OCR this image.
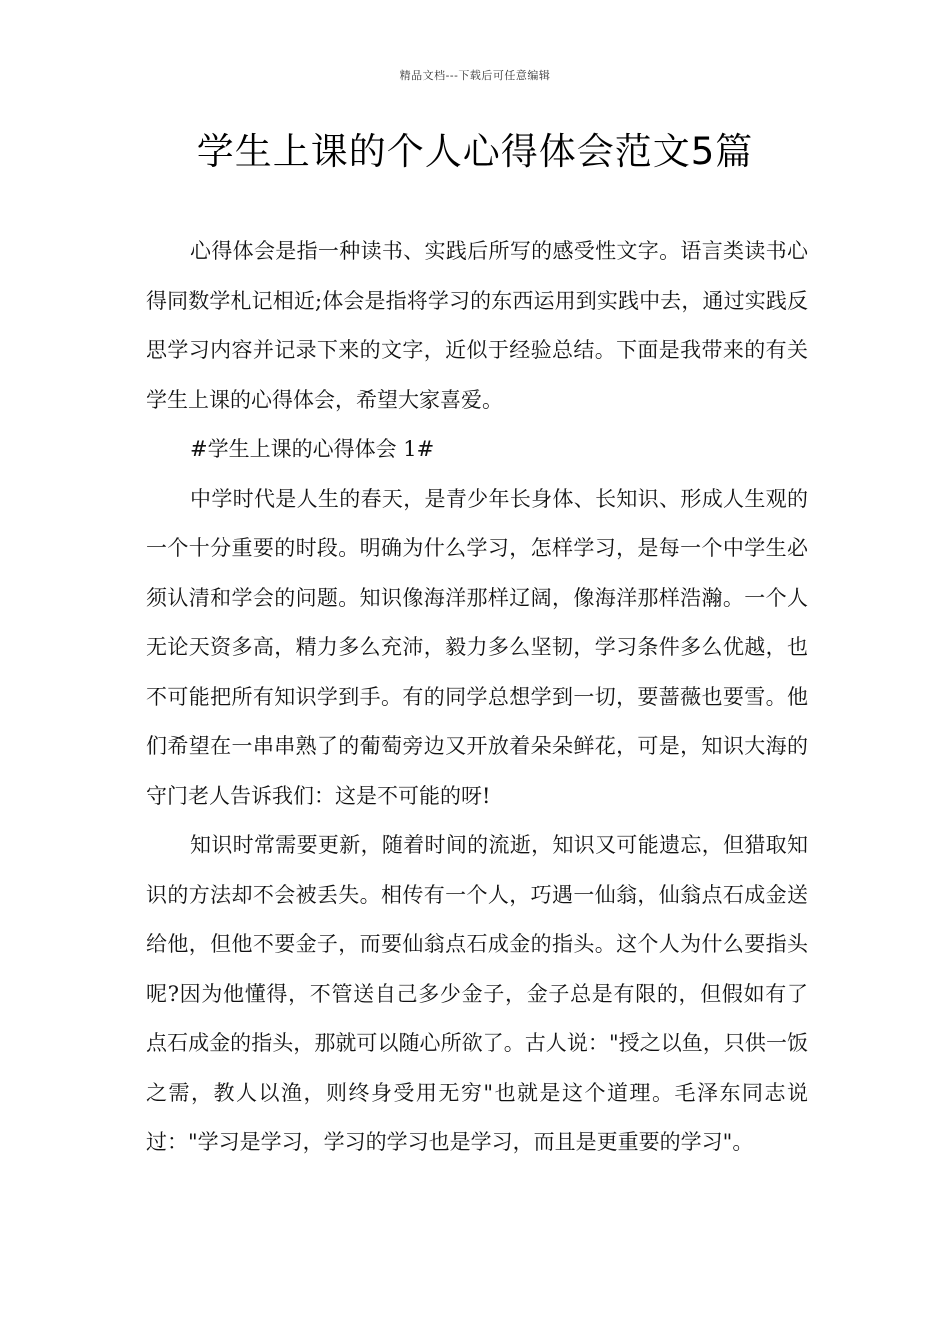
精品文档---下载后可任意编辑
学生上课的个人心得体会范文5篇

心得体会是指一种读书、实践后所写的感受性文字。语言类读书心得同数学札记相近;体会是指将学习的东西运用到实践中去，通过实践反思学习内容并记录下来的文字，近似于经验总结。下面是我带来的有关学生上课的心得体会，希望大家喜爱。

#学生上课的心得体会 1#

中学时代是人生的春天，是青少年长身体、长知识、形成人生观的一个十分重要的时段。明确为什么学习，怎样学习，是每一个中学生必须认清和学会的问题。知识像海洋那样辽阔，像海洋那样浩瀚。一个人无论天资多高，精力多么充沛，毅力多么坚韧，学习条件多么优越，也不可能把所有知识学到手。有的同学总想学到一切，要蔷薇也要雪。他们希望在一串串熟了的葡萄旁边又开放着朵朵鲜花，可是，知识大海的守门老人告诉我们：这是不可能的呀!

知识时常需要更新，随着时间的流逝，知识又可能遗忘，但猎取知识的方法却不会被丢失。相传有一个人，巧遇一仙翁，仙翁点石成金送给他，但他不要金子，而要仙翁点石成金的指头。这个人为什么要指头呢?因为他懂得，不管送自己多少金子，金子总是有限的，但假如有了点石成金的指头，那就可以随心所欲了。古人说："授之以鱼，只供一饭之需，教人以渔，则终身受用无穷"也就是这个道理。毛泽东同志说过："学习是学习，学习的学习也是学习，而且是更重要的学习"。
